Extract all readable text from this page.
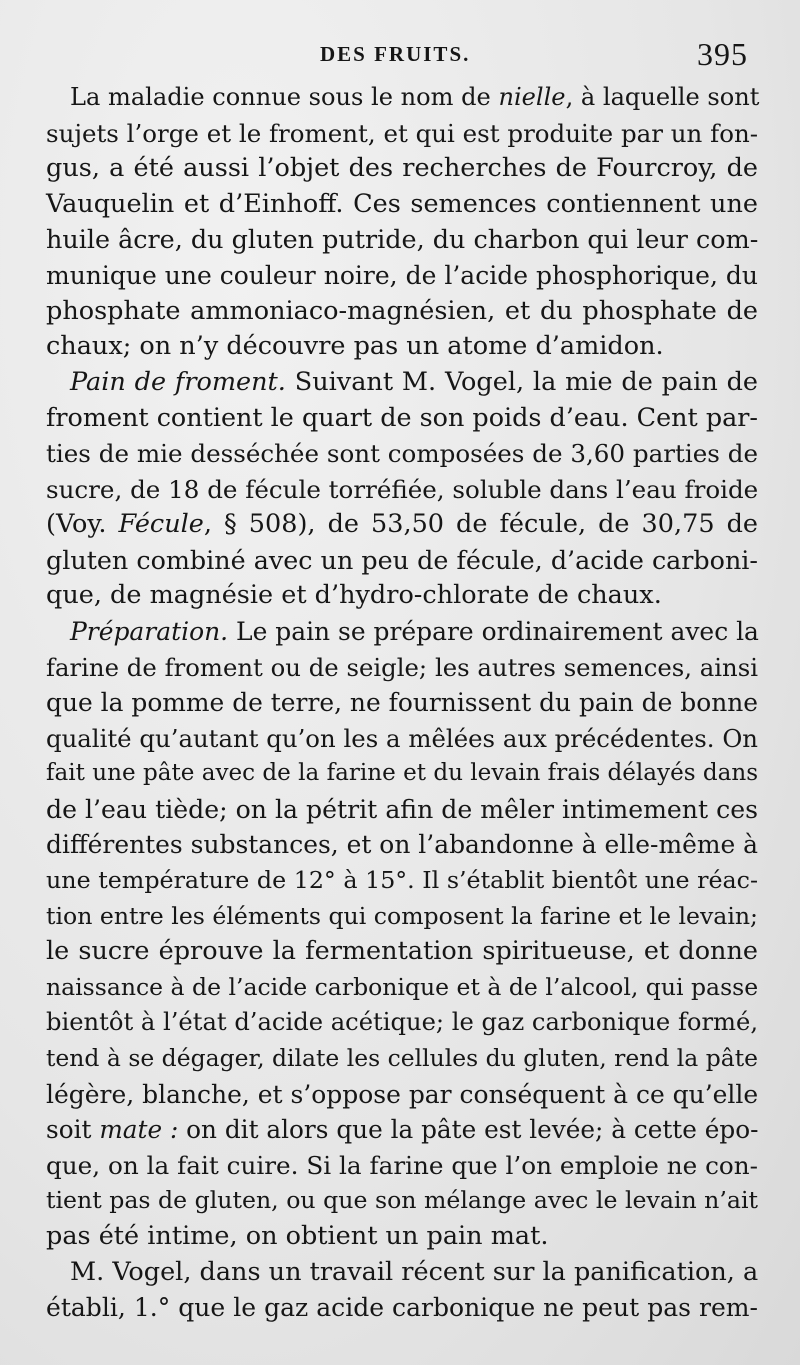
DES FRUITS.	395
La maladie connue sous le nom de nielle, à laquelle sont
sujets l’orge et le froment, et qui est produite par un fon-
gus, a été aussi l’objet des recherches de Fourcroy, de
Vauquelin et d’Einhoff. Ces semences contiennent une
huile âcre, du gluten putride, du charbon qui leur com-
munique une couleur noire, de l’acide phosphorique, du
phosphate ammoniaco-magnésien, et du phosphate de
chaux; on n’y découvre pas un atome d’amidon.
Pain de froment. Suivant M. Vogel, la mie de pain de
froment contient le quart de son poids d’eau. Cent par-
ties de mie desséchée sont composées de 3,60 parties de
sucre, de 18 de fécule torréfiée, soluble dans l’eau froide
(Voy. Fécule, § 508), de 53,50 de fécule, de 30,75 de
gluten combiné avec un peu de fécule, d’acide carboni-
que, de magnésie et d’hydro-chlorate de chaux.
Préparation. Le pain se prépare ordinairement avec la
farine de froment ou de seigle; les autres semences, ainsi
que la pomme de terre, ne fournissent du pain de bonne
qualité qu’autant qu’on les a mêlées aux précédentes. On
fait une pâte avec de la farine et du levain frais délayés dans
de l’eau tiède; on la pétrit afin de mêler intimement ces
différentes substances, et on l’abandonne à elle-même à
une température de 12° à 15°. Il s’établit bientôt une réac-
tion entre les éléments qui composent la farine et le levain;
le sucre éprouve la fermentation spiritueuse, et donne
naissance à de l’acide carbonique et à de l’alcool, qui passe
bientôt à l’état d’acide acétique; le gaz carbonique formé,
tend à se dégager, dilate les cellules du gluten, rend la pâte
légère, blanche, et s’oppose par conséquent à ce qu’elle
soit mate : on dit alors que la pâte est levée; à cette épo-
que, on la fait cuire. Si la farine que l’on emploie ne con-
tient pas de gluten, ou que son mélange avec le levain n’ait
pas été intime, on obtient un pain mat.
M. Vogel, dans un travail récent sur la panification, a
établi, 1.° que le gaz acide carbonique ne peut pas rem-
